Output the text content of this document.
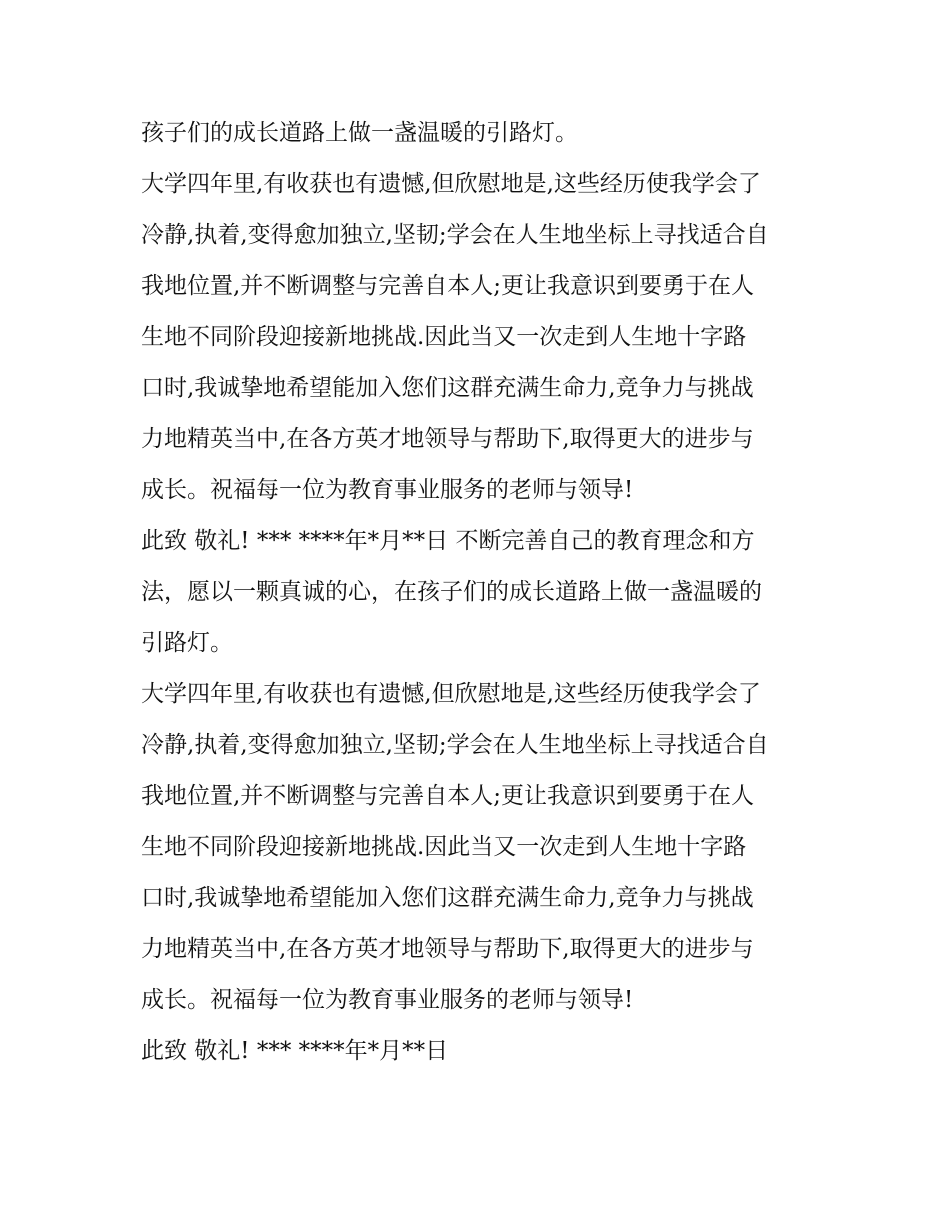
孩子们的成长道路上做一盏温暖的引路灯。
大学四年里,有收获也有遗憾,但欣慰地是,这些经历使我学会了
冷静,执着,变得愈加独立,坚韧;学会在人生地坐标上寻找适合自
我地位置,并不断调整与完善自本人;更让我意识到要勇于在人
生地不同阶段迎接新地挑战.因此当又一次走到人生地十字路
口时,我诚挚地希望能加入您们这群充满生命力,竞争力与挑战
力地精英当中,在各方英才地领导与帮助下,取得更大的进步与
成长。祝福每一位为教育事业服务的老师与领导!
此致 敬礼! *** ****年*月**日 不断完善自己的教育理念和方
法，愿以一颗真诚的心，在孩子们的成长道路上做一盏温暖的
引路灯。
大学四年里,有收获也有遗憾,但欣慰地是,这些经历使我学会了
冷静,执着,变得愈加独立,坚韧;学会在人生地坐标上寻找适合自
我地位置,并不断调整与完善自本人;更让我意识到要勇于在人
生地不同阶段迎接新地挑战.因此当又一次走到人生地十字路
口时,我诚挚地希望能加入您们这群充满生命力,竞争力与挑战
力地精英当中,在各方英才地领导与帮助下,取得更大的进步与
成长。祝福每一位为教育事业服务的老师与领导!
此致 敬礼! *** ****年*月**日
